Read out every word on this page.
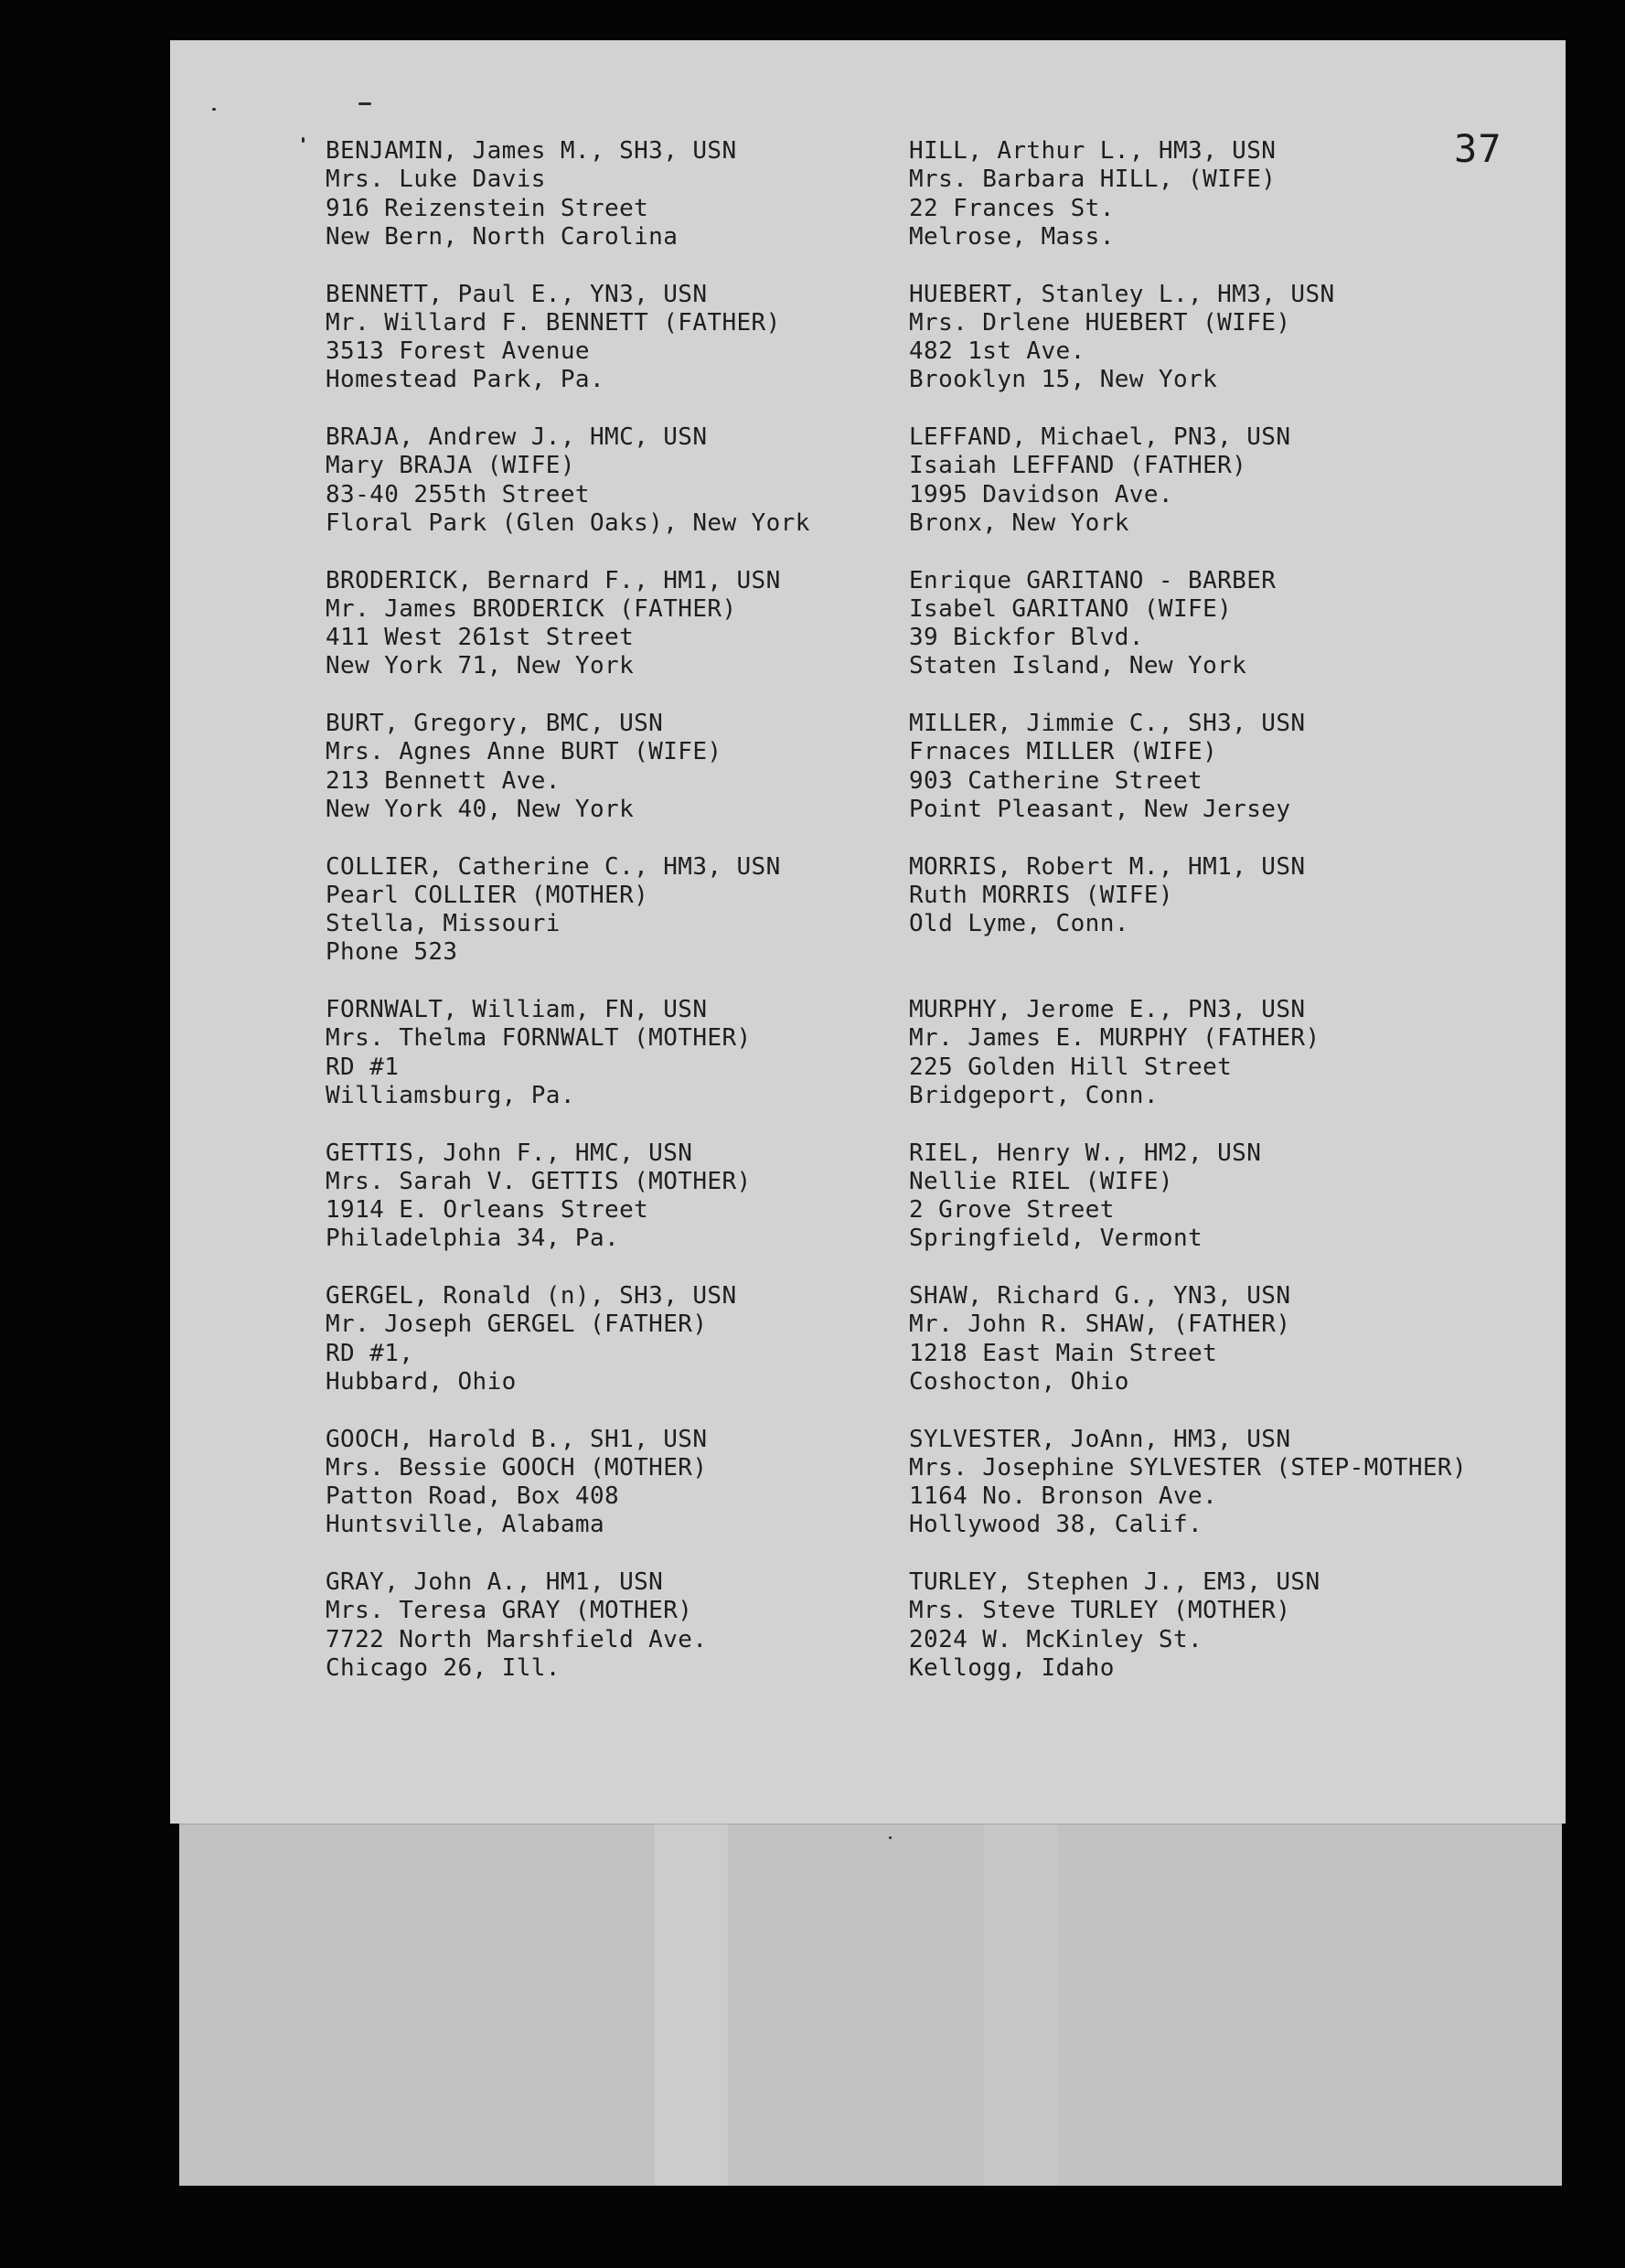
37
BENJAMIN, James M., SH3, USN
Mrs. Luke Davis
916 Reizenstein Street
New Bern, North Carolina
BENNETT, Paul E., YN3, USN
Mr. Willard F. BENNETT (FATHER)
3513 Forest Avenue
Homestead Park, Pa.
BRAJA, Andrew J., HMC, USN
Mary BRAJA (WIFE)
83-40 255th Street
Floral Park (Glen Oaks), New York
BRODERICK, Bernard F., HM1, USN
Mr. James BRODERICK (FATHER)
411 West 261st Street
New York 71, New York
BURT, Gregory, BMC, USN
Mrs. Agnes Anne BURT (WIFE)
213 Bennett Ave.
New York 40, New York
COLLIER, Catherine C., HM3, USN
Pearl COLLIER (MOTHER)
Stella, Missouri
Phone 523
FORNWALT, William, FN, USN
Mrs. Thelma FORNWALT (MOTHER)
RD #1
Williamsburg, Pa.
GETTIS, John F., HMC, USN
Mrs. Sarah V. GETTIS (MOTHER)
1914 E. Orleans Street
Philadelphia 34, Pa.
GERGEL, Ronald (n), SH3, USN
Mr. Joseph GERGEL (FATHER)
RD #1,
Hubbard, Ohio
GOOCH, Harold B., SH1, USN
Mrs. Bessie GOOCH (MOTHER)
Patton Road, Box 408
Huntsville, Alabama
GRAY, John A., HM1, USN
Mrs. Teresa GRAY (MOTHER)
7722 North Marshfield Ave.
Chicago 26, Ill.
HILL, Arthur L., HM3, USN
Mrs. Barbara HILL, (WIFE)
22 Frances St.
Melrose, Mass.
HUEBERT, Stanley L., HM3, USN
Mrs. Drlene HUEBERT (WIFE)
482 1st Ave.
Brooklyn 15, New York
LEFFAND, Michael, PN3, USN
Isaiah LEFFAND (FATHER)
1995 Davidson Ave.
Bronx, New York
Enrique GARITANO - BARBER
Isabel GARITANO (WIFE)
39 Bickfor Blvd.
Staten Island, New York
MILLER, Jimmie C., SH3, USN
Frnaces MILLER (WIFE)
903 Catherine Street
Point Pleasant, New Jersey
MORRIS, Robert M., HM1, USN
Ruth MORRIS (WIFE)
Old Lyme, Conn.
MURPHY, Jerome E., PN3, USN
Mr. James E. MURPHY (FATHER)
225 Golden Hill Street
Bridgeport, Conn.
RIEL, Henry W., HM2, USN
Nellie RIEL (WIFE)
2 Grove Street
Springfield, Vermont
SHAW, Richard G., YN3, USN
Mr. John R. SHAW, (FATHER)
1218 East Main Street
Coshocton, Ohio
SYLVESTER, JoAnn, HM3, USN
Mrs. Josephine SYLVESTER (STEP-MOTHER)
1164 No. Bronson Ave.
Hollywood 38, Calif.
TURLEY, Stephen J., EM3, USN
Mrs. Steve TURLEY (MOTHER)
2024 W. McKinley St.
Kellogg, Idaho
